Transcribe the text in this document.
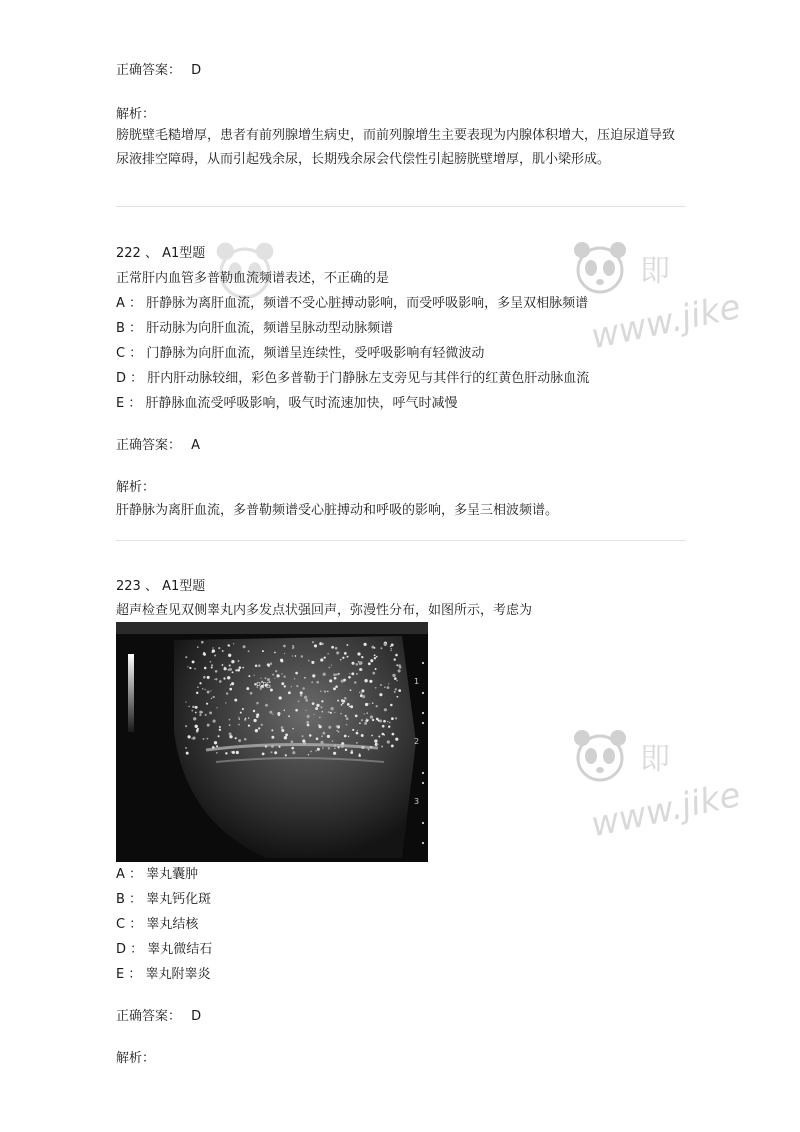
正确答案： D
解析：
膀胱壁毛糙增厚，患者有前列腺增生病史，而前列腺增生主要表现为内腺体积增大，压迫尿道导致尿液排空障碍，从而引起残余尿，长期残余尿会代偿性引起膀胱壁增厚，肌小梁形成。
222 、 A1型题
正常肝内血管多普勒血流频谱表述，不正确的是
A ： 肝静脉为离肝血流，频谱不受心脏搏动影响，而受呼吸影响，多呈双相脉频谱
B ： 肝动脉为向肝血流，频谱呈脉动型动脉频谱
C ： 门静脉为向肝血流，频谱呈连续性，受呼吸影响有轻微波动
D ： 肝内肝动脉较细，彩色多普勒于门静脉左支旁见与其伴行的红黄色肝动脉血流
E ： 肝静脉血流受呼吸影响，吸气时流速加快，呼气时减慢
正确答案： A
解析：
肝静脉为离肝血流，多普勒频谱受心脏搏动和呼吸的影响，多呈三相波频谱。
223 、 A1型题
超声检查见双侧睾丸内多发点状强回声，弥漫性分布，如图所示，考虑为
RTS	1
2
3
A ： 睾丸囊肿
B ： 睾丸钙化斑
C ： 睾丸结核
D ： 睾丸微结石
E ： 睾丸附睾炎
正确答案： D
解析：
即
www.jike
即
www.jike
